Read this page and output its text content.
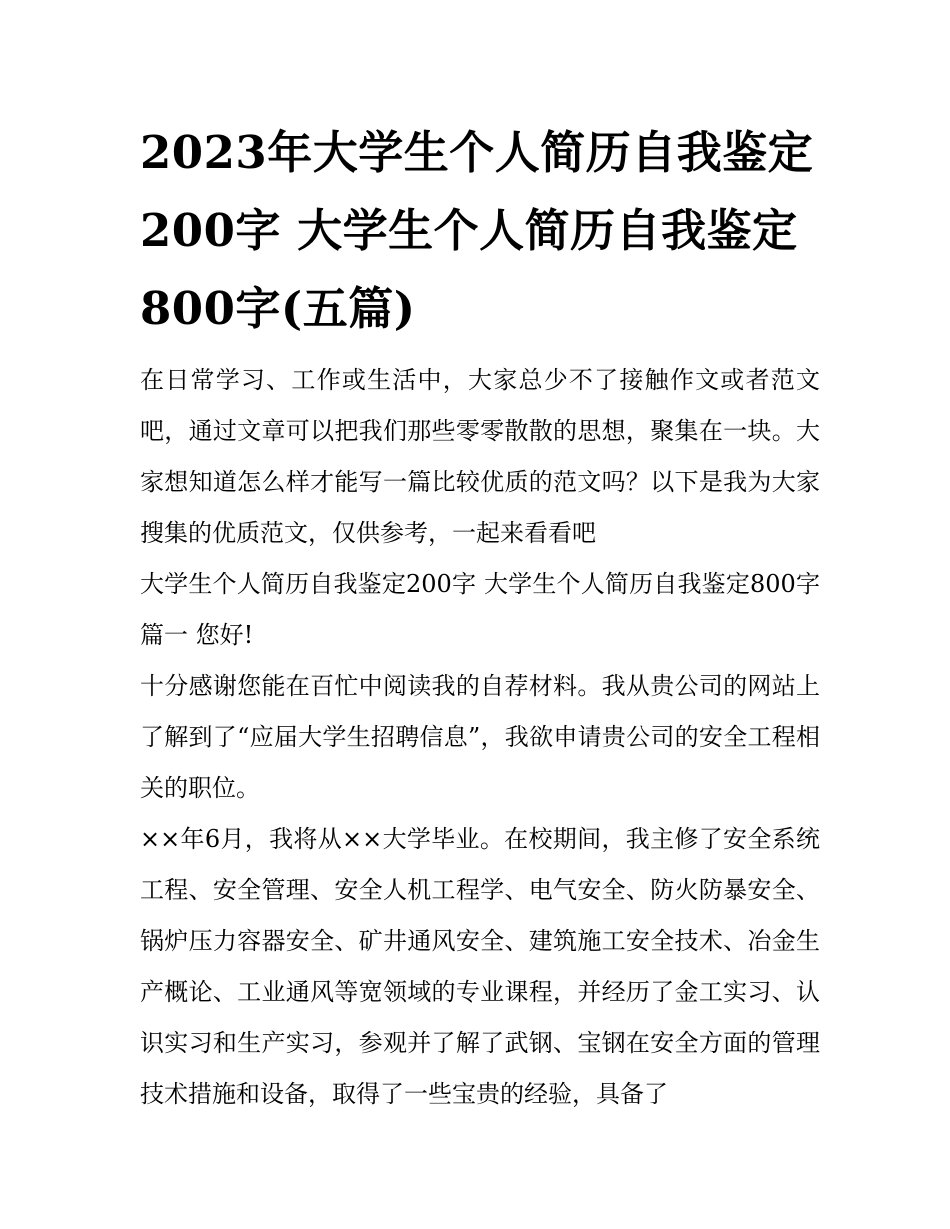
2023年大学生个人简历自我鉴定200字 大学生个人简历自我鉴定800字(五篇)

在日常学习、工作或生活中，大家总少不了接触作文或者范文吧，通过文章可以把我们那些零零散散的思想，聚集在一块。大家想知道怎么样才能写一篇比较优质的范文吗？以下是我为大家搜集的优质范文，仅供参考，一起来看看吧

大学生个人简历自我鉴定200字 大学生个人简历自我鉴定800字篇一 您好!

十分感谢您能在百忙中阅读我的自荐材料。我从贵公司的网站上了解到了“应届大学生招聘信息”，我欲申请贵公司的安全工程相关的职位。

××年6月，我将从××大学毕业。在校期间，我主修了安全系统工程、安全管理、安全人机工程学、电气安全、防火防暴安全、锅炉压力容器安全、矿井通风安全、建筑施工安全技术、冶金生产概论、工业通风等宽领域的专业课程，并经历了金工实习、认识实习和生产实习，参观并了解了武钢、宝钢在安全方面的管理技术措施和设备，取得了一些宝贵的经验，具备了
